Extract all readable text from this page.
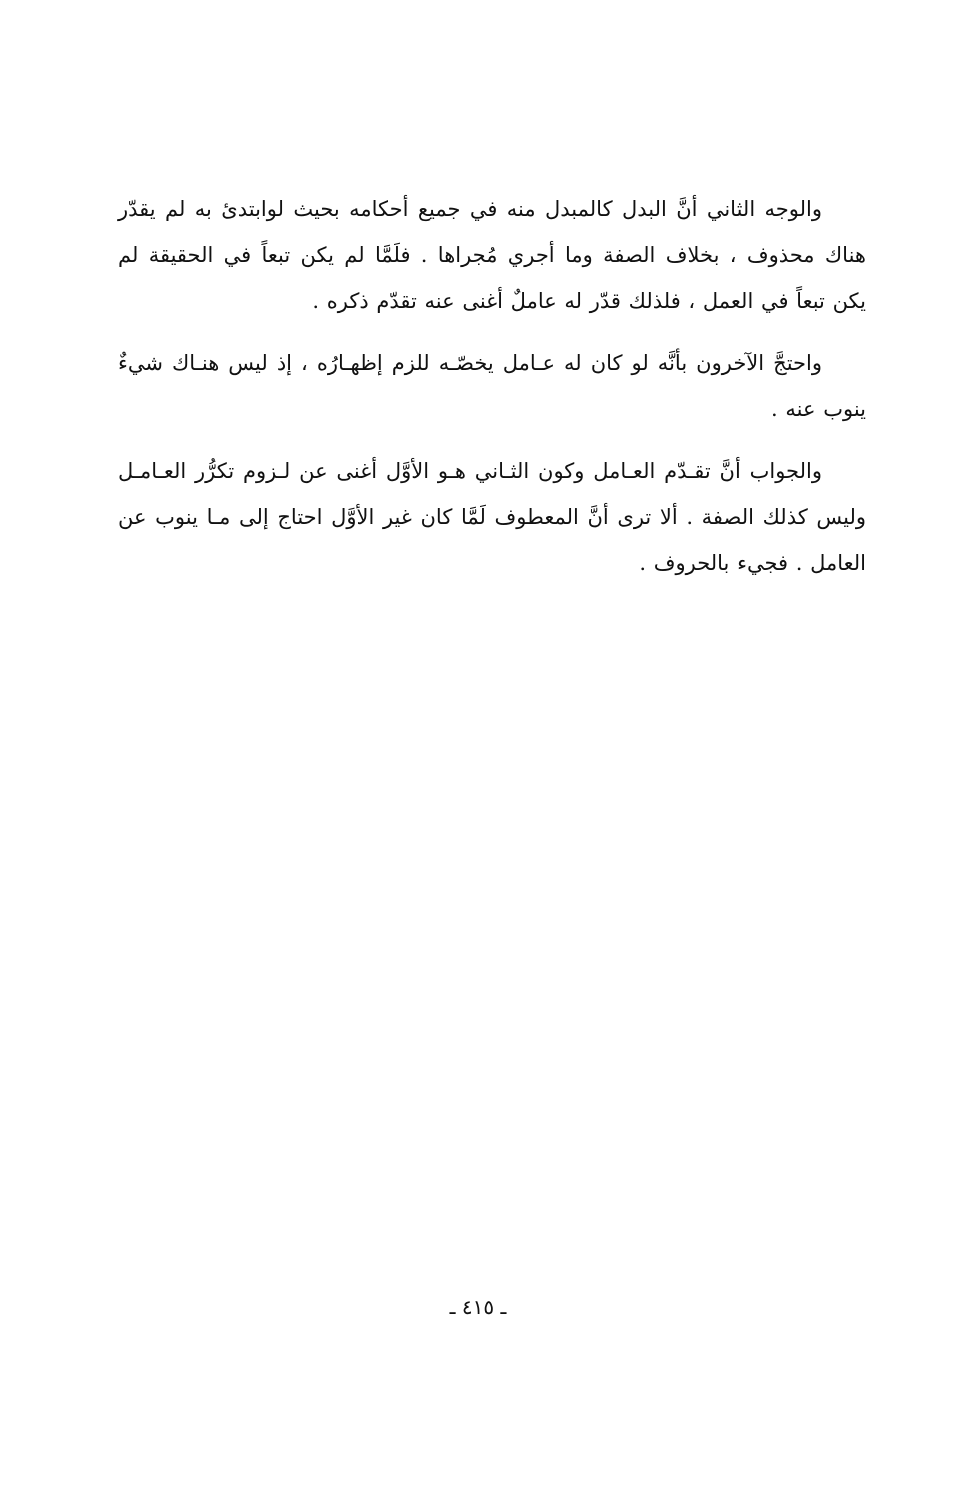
والوجه الثاني أنَّ البدل كالمبدل منه في جميع أحكامه بحيث لوابتدئ به لم يقدّر هناك محذوف ، بخلاف الصفة وما أجري مُجراها . فلَمَّا لم يكن تبعاً في الحقيقة لم يكن تبعاً في العمل ، فلذلك قدّر له عاملٌ أغنى عنه تقدّم ذكره .

واحتجَّ الآخرون بأنَّه لو كان له عـامل يخصّـه للزم إظهـارُه ، إذ ليس هنـاك شيءٌ ينوب عنه .

والجواب أنَّ تقـدّم العـامل وكون الثـاني هـو الأوَّل أغنى عن لـزوم تكرُّر العـامـل وليس كذلك الصفة . ألا ترى أنَّ المعطوف لَمَّا كان غير الأوَّل احتاج إلى مـا ينوب عن العامل . فجيء بالحروف .

ـ ٤١٥ ـ
